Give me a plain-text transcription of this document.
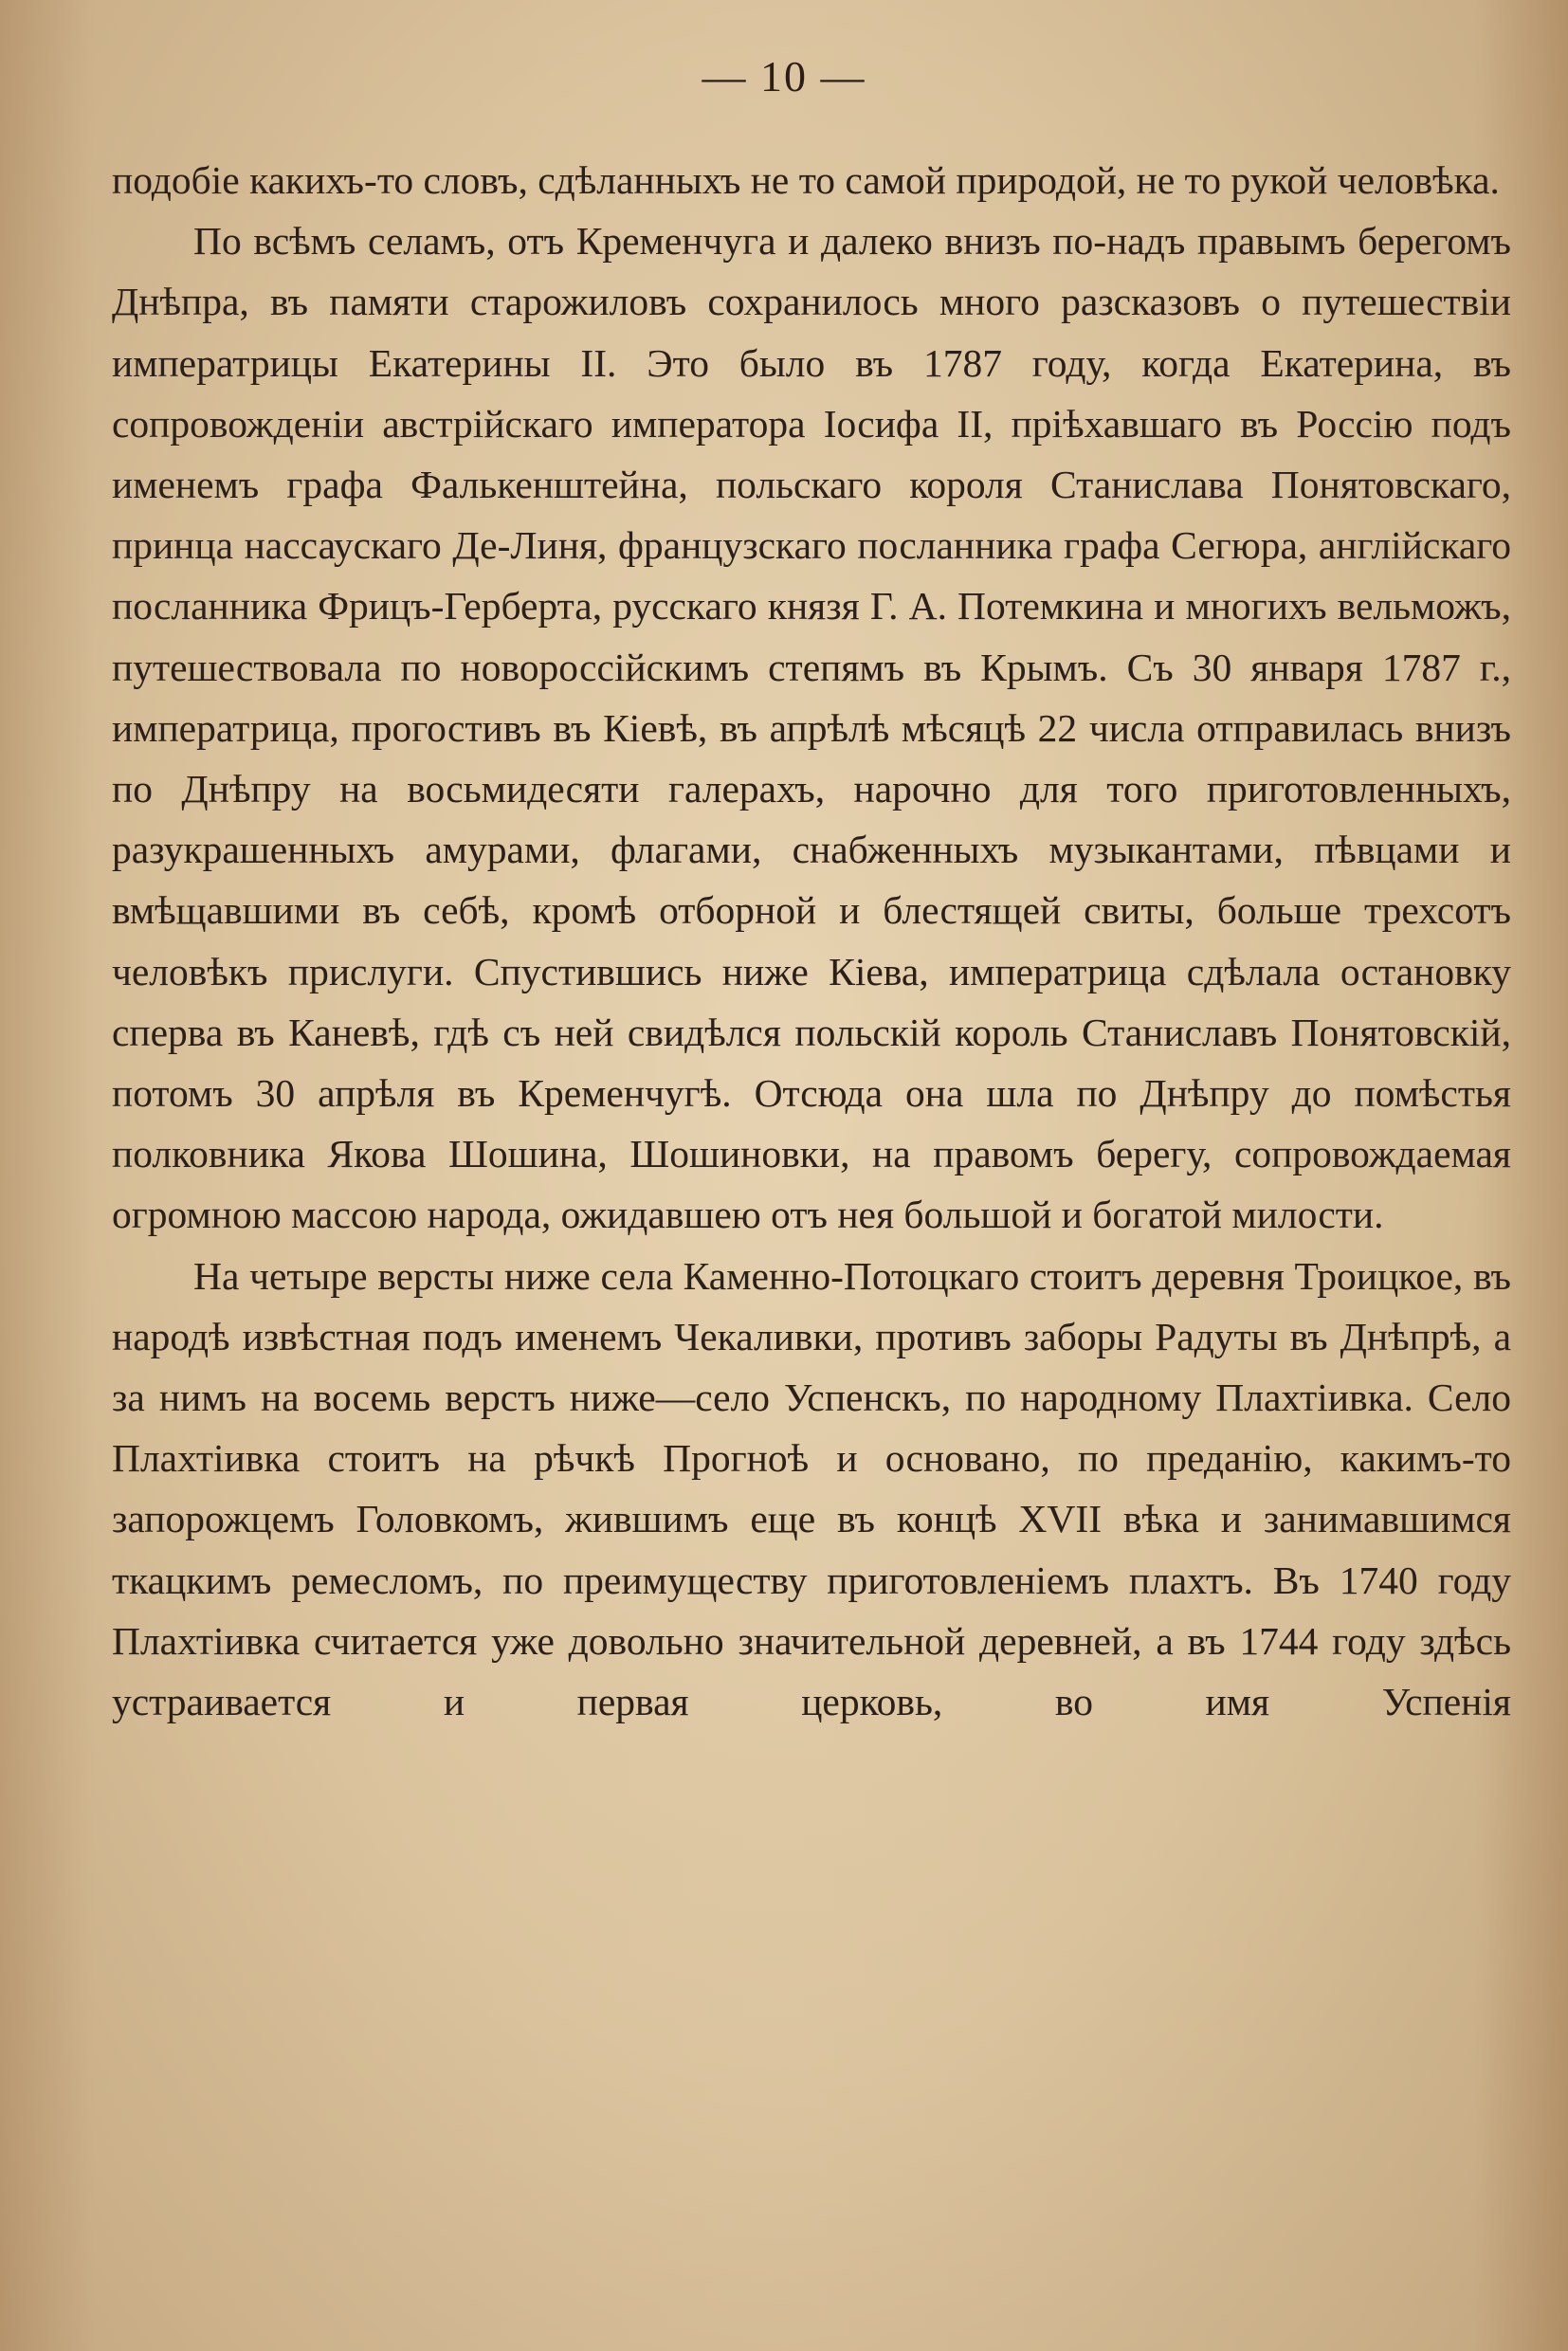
— 10 —

подобіе какихъ-то словъ, сдѣланныхъ не то самой природой, не то рукой человѣка.

По всѣмъ селамъ, отъ Кременчуга и далеко внизъ по-надъ правымъ берегомъ Днѣпра, въ памяти старожиловъ сохранилось много разсказовъ о путешествіи императрицы Екатерины II. Это было въ 1787 году, когда Екатерина, въ сопровожденіи австрійскаго императора Іосифа II, пріѣхавшаго въ Россію подъ именемъ графа Фалькенштейна, польскаго короля Станислава Понятовскаго, принца нассаускаго Де-Линя, французскаго посланника графа Сегюра, англійскаго посланника Фрицъ-Герберта, русскаго князя Г. А. Потемкина и многихъ вельможъ, путешествовала по новороссійскимъ степямъ въ Крымъ. Съ 30 января 1787 г., императрица, прогостивъ въ Кіевѣ, въ апрѣлѣ мѣсяцѣ 22 числа отправилась внизъ по Днѣпру на восьмидесяти галерахъ, нарочно для того приготовленныхъ, разукрашенныхъ амурами, флагами, снабженныхъ музыкантами, пѣвцами и вмѣщавшими въ себѣ, кромѣ отборной и блестящей свиты, больше трехсотъ человѣкъ прислуги. Спустившись ниже Кіева, императрица сдѣлала остановку сперва въ Каневѣ, гдѣ съ ней свидѣлся польскій король Станиславъ Понятовскій, потомъ 30 апрѣля въ Кременчугѣ. Отсюда она шла по Днѣпру до помѣстья полковника Якова Шошина, Шошиновки, на правомъ берегу, сопровождаемая огромною массою народа, ожидавшею отъ нея большой и богатой милости.

На четыре версты ниже села Каменно-Потоцкаго стоитъ деревня Троицкое, въ народѣ извѣстная подъ именемъ Чекаливки, противъ заборы Радуты въ Днѣпрѣ, а за нимъ на восемь верстъ ниже—село Успенскъ, по народному Плахтіивка. Село Плахтіивка стоитъ на рѣчкѣ Прогноѣ и основано, по преданію, какимъ-то запорожцемъ Головкомъ, жившимъ еще въ концѣ XVII вѣка и занимавшимся ткацкимъ ремесломъ, по преимуществу приготовленіемъ плахтъ. Въ 1740 году Плахтіивка считается уже довольно значительной деревней, а въ 1744 году здѣсь устраивается и первая церковь, во имя Успенія
